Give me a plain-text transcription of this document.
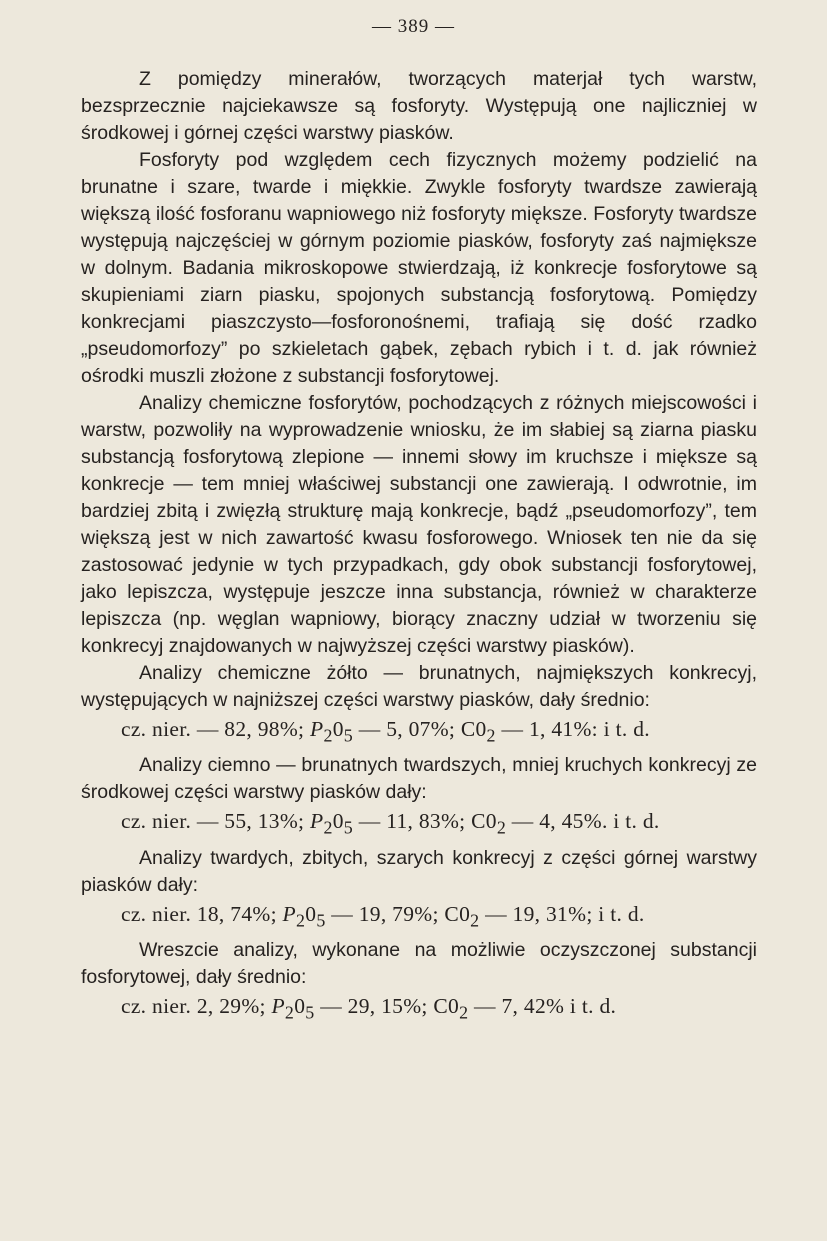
— 389 —

Z pomiędzy minerałów, tworzących materjał tych warstw, bezsprzecznie najciekawsze są fosforyty. Występują one najliczniej w środkowej i górnej części warstwy piasków.

Fosforyty pod względem cech fizycznych możemy podzielić na brunatne i szare, twarde i miękkie. Zwykle fosforyty twardsze zawierają większą ilość fosforanu wapniowego niż fosforyty miększe. Fosforyty twardsze występują najczęściej w górnym poziomie piasków, fosforyty zaś najmiększe w dolnym. Badania mikroskopowe stwierdzają, iż konkrecje fosforytowe są skupieniami ziarn piasku, spojonych substancją fosforytową. Pomiędzy konkrecjami piaszczysto—fosforonośnemi, trafiają się dość rzadko „pseudomorfozy” po szkieletach gąbek, zębach rybich i t. d. jak również ośrodki muszli złożone z substancji fosforytowej.

Analizy chemiczne fosforytów, pochodzących z różnych miejscowości i warstw, pozwoliły na wyprowadzenie wniosku, że im słabiej są ziarna piasku substancją fosforytową zlepione — innemi słowy im kruchsze i miększe są konkrecje — tem mniej właściwej substancji one zawierają. I odwrotnie, im bardziej zbitą i zwięzłą strukturę mają konkrecje, bądź „pseudomorfozy”, tem większą jest w nich zawartość kwasu fosforowego. Wniosek ten nie da się zastosować jedynie w tych przypadkach, gdy obok substancji fosforytowej, jako lepiszcza, występuje jeszcze inna substancja, również w charakterze lepiszcza (np. węglan wapniowy, biorący znaczny udział w tworzeniu się konkrecyj znajdowanych w najwyższej części warstwy piasków).

Analizy chemiczne żółto — brunatnych, najmiększych konkrecyj, występujących w najniższej części warstwy piasków, dały średnio:

cz. nier. — 82, 98%; $P_20_5$ — 5, 07%; $C0_2$ — 1, 41%: i t. d.

Analizy ciemno — brunatnych twardszych, mniej kruchych konkrecyj ze środkowej części warstwy piasków dały:

cz. nier. — 55, 13%; $P_20_5$ — 11, 83%; $C0_2$ — 4, 45%. i t. d.

Analizy twardych, zbitych, szarych konkrecyj z części górnej warstwy piasków dały:

cz. nier. 18, 74%; $P_20_5$ — 19, 79%; $C0_2$ — 19, 31%; i t. d.

Wreszcie analizy, wykonane na możliwie oczyszczonej substancji fosforytowej, dały średnio:

cz. nier. 2, 29%; $P_20_5$ — 29, 15%; $C0_2$ — 7, 42% i t. d.
